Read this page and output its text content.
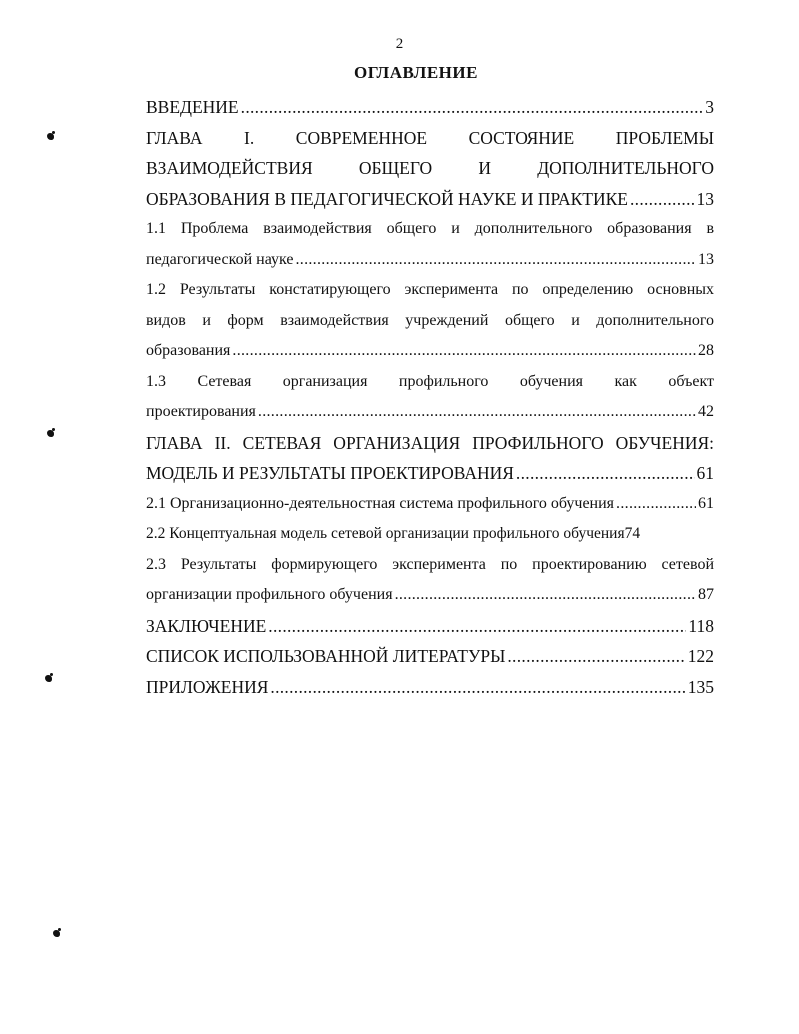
2
ОГЛАВЛЕНИЕ
ВВЕДЕНИЕ .....	3
ГЛАВА I. СОВРЕМЕННОЕ СОСТОЯНИЕ ПРОБЛЕМЫ
ВЗАИМОДЕЙСТВИЯ ОБЩЕГО И ДОПОЛНИТЕЛЬНОГО
ОБРАЗОВАНИЯ В ПЕДАГОГИЧЕСКОЙ НАУКЕ И ПРАКТИКЕ .....	13
1.1 Проблема взаимодействия общего и дополнительного образования в
педагогической науке .....	13
1.2 Результаты констатирующего эксперимента по определению основных
видов и форм взаимодействия учреждений общего и дополнительного
образования .....	28
1.3 Сетевая организация профильного обучения как объект
проектирования .....	42
ГЛАВА II. СЕТЕВАЯ ОРГАНИЗАЦИЯ ПРОФИЛЬНОГО ОБУЧЕНИЯ:
МОДЕЛЬ И РЕЗУЛЬТАТЫ ПРОЕКТИРОВАНИЯ .....	61
2.1 Организационно-деятельностная система профильного обучения .....	61
2.2 Концептуальная модель сетевой организации профильного обучения 74
2.3 Результаты формирующего эксперимента по проектированию сетевой
организации профильного обучения .....	87
ЗАКЛЮЧЕНИЕ .....	118
СПИСОК ИСПОЛЬЗОВАННОЙ ЛИТЕРАТУРЫ .....	122
ПРИЛОЖЕНИЯ .....	135
